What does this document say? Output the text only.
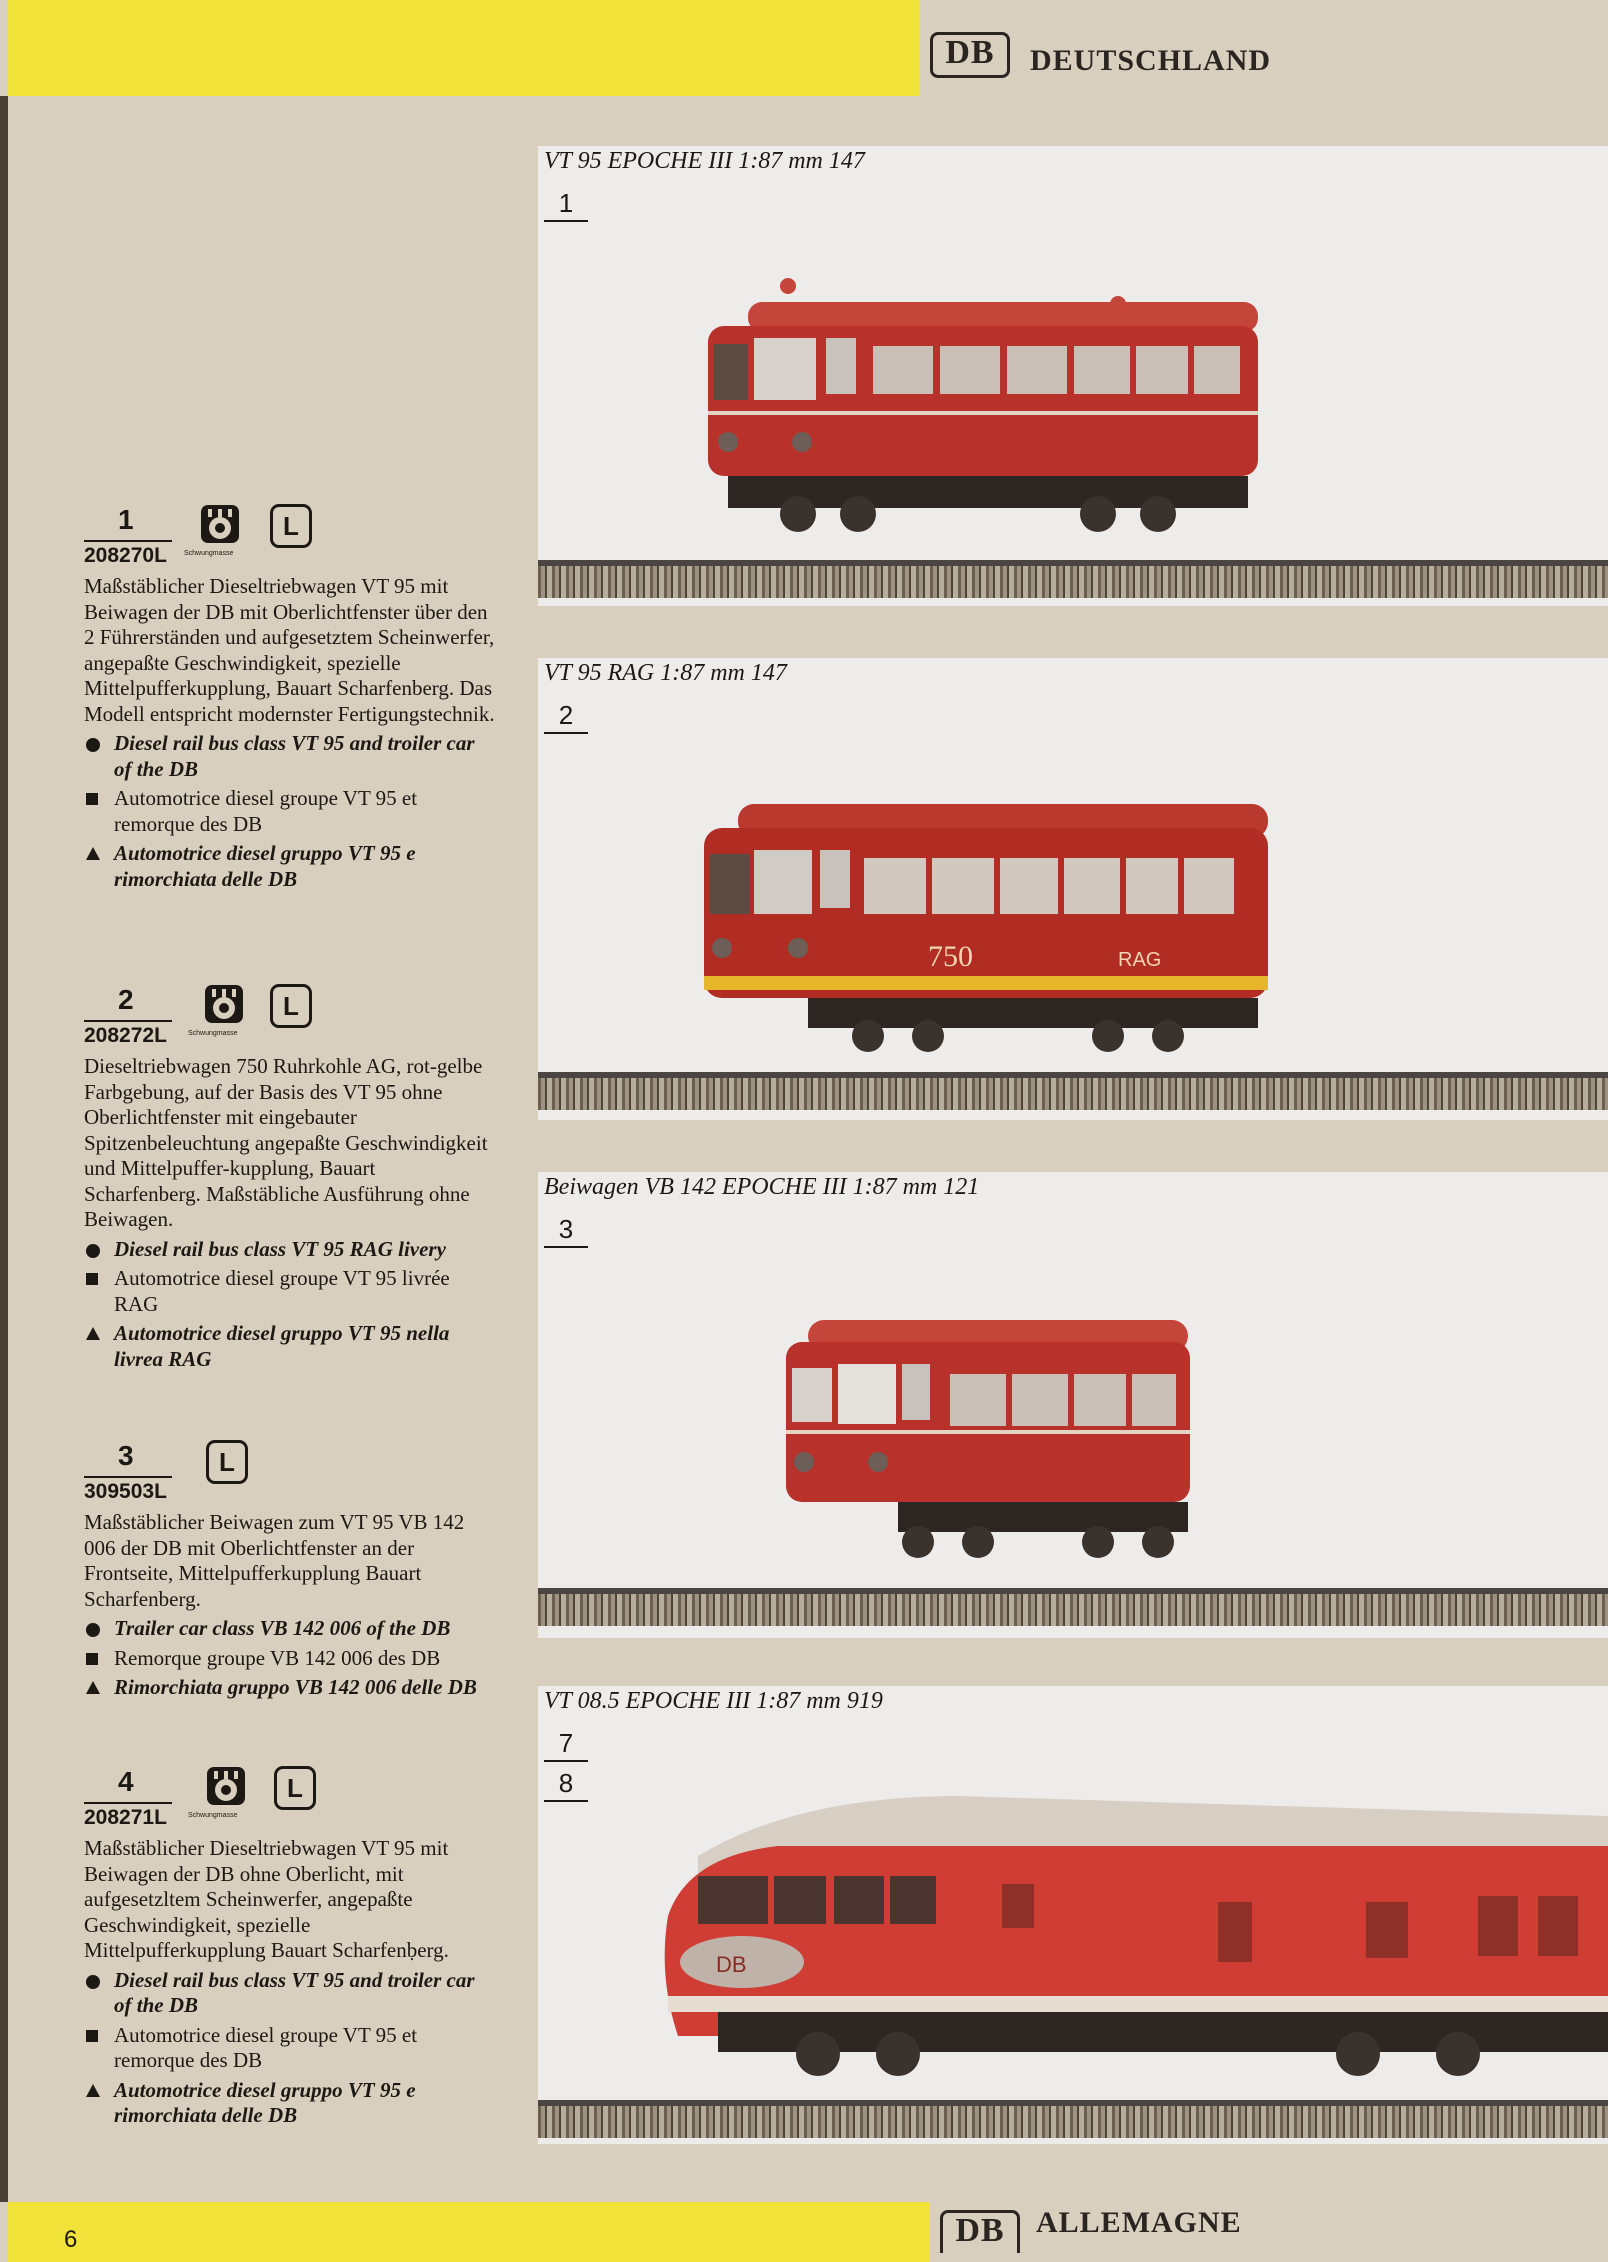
DB	DEUTSCHLAND
6	DB	ALLEMAGNE
1
208270L Schwungmasse
L

Maßstäblicher Dieseltriebwagen VT 95 mit Beiwagen der DB mit Oberlichtfenster über den 2 Führerständen und aufgesetztem Scheinwerfer, angepaßte Geschwindigkeit, spezielle Mittelpufferkupplung, Bauart Scharfenberg. Das Modell entspricht modernster Fertigungstechnik.

Diesel rail bus class VT 95 and troiler car of the DB

Automotrice diesel groupe VT 95 et remorque des DB

Automotrice diesel gruppo VT 95 e rimorchiata delle DB

2
208272L	Schwungmasse
L

Dieseltriebwagen 750 Ruhrkohle AG, rot-gelbe Farbgebung, auf der Basis des VT 95 ohne Oberlichtfenster mit eingebauter Spitzenbeleuchtung angepaßte Geschwindigkeit und Mittelpuffer-kupplung, Bauart Scharfenberg. Maßstäbliche Ausführung ohne Beiwagen.

Diesel rail bus class VT 95 RAG livery

Automotrice diesel groupe VT 95 livrée RAG

Automotrice diesel gruppo VT 95 nella livrea RAG

3
309503L
L

Maßstäblicher Beiwagen zum VT 95 VB 142 006 der DB mit Oberlichtfenster an der Frontseite, Mittelpufferkupplung Bauart Scharfenberg.

Trailer car class VB 142 006 of the DB

Remorque groupe VB 142 006 des DB

Rimorchiata gruppo VB 142 006 delle DB

4
208271L	Schwungmasse
L

Maßstäblicher Dieseltriebwagen VT 95 mit Beiwagen der DB ohne Oberlicht, mit aufgesetzltem Scheinwerfer, angepaßte Geschwindigkeit, spezielle Mittelpufferkupplung Bauart Scharfenḅerg.

Diesel rail bus class VT 95 and troiler car of the DB

Automotrice diesel groupe VT 95 et remorque des DB

Automotrice diesel gruppo VT 95 e rimorchiata delle DB

VT 95 EPOCHE III 1:87 mm 147
1
VT 95 RAG 1:87 mm 147
2
750	RAG
Beiwagen VB 142 EPOCHE III 1:87 mm 121
3
VT 08.5 EPOCHE III 1:87 mm 919
7
8
DB
